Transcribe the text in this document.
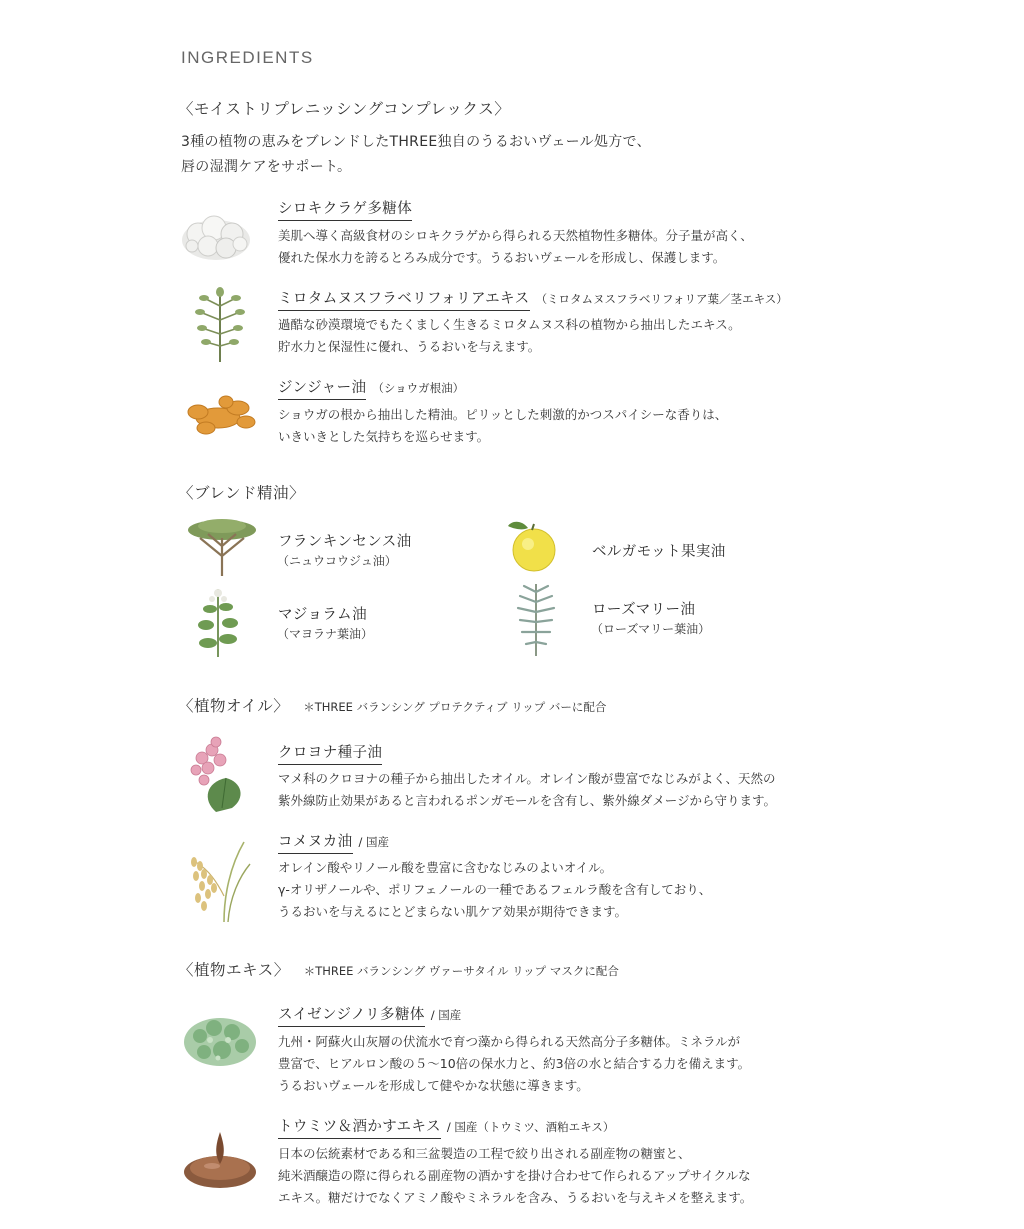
INGREDIENTS
〈モイストリプレニッシングコンプレックス〉
3種の植物の恵みをブレンドしたTHREE独自のうるおいヴェール処方で、
唇の湿潤ケアをサポート。
シロキクラゲ多糖体
美肌へ導く高級食材のシロキクラゲから得られる天然植物性多糖体。分子量が高く、
優れた保水力を誇るとろみ成分です。うるおいヴェールを形成し、保護します。
ミロタムヌスフラベリフォリアエキス （ミロタムヌスフラベリフォリア葉／茎エキス）
過酷な砂漠環境でもたくましく生きるミロタムヌス科の植物から抽出したエキス。
貯水力と保湿性に優れ、うるおいを与えます。
ジンジャー油 （ショウガ根油）
ショウガの根から抽出した精油。ピリッとした刺激的かつスパイシーな香りは、
いきいきとした気持ちを巡らせます。
〈ブレンド精油〉
フランキンセンス油
（ニュウコウジュ油）
ベルガモット果実油
マジョラム油
（マヨラナ葉油）
ローズマリー油
（ローズマリー葉油）
〈植物オイル〉 ＊THREE バランシング プロテクティブ リップ バーに配合
クロヨナ種子油
マメ科のクロヨナの種子から抽出したオイル。オレイン酸が豊富でなじみがよく、天然の
紫外線防止効果があると言われるポンガモールを含有し、紫外線ダメージから守ります。
コメヌカ油 / 国産
オレイン酸やリノール酸を豊富に含むなじみのよいオイル。
γ-オリザノールや、ポリフェノールの一種であるフェルラ酸を含有しており、
うるおいを与えるにとどまらない肌ケア効果が期待できます。
〈植物エキス〉 ＊THREE バランシング ヴァーサタイル リップ マスクに配合
スイゼンジノリ多糖体 / 国産
九州・阿蘇火山灰層の伏流水で育つ藻から得られる天然高分子多糖体。ミネラルが
豊富で、ヒアルロン酸の５〜10倍の保水力と、約3倍の水と結合する力を備えます。
うるおいヴェールを形成して健やかな状態に導きます。
トウミツ＆酒かすエキス / 国産（トウミツ、酒粕エキス）
日本の伝統素材である和三盆製造の工程で絞り出される副産物の糖蜜と、
純米酒醸造の際に得られる副産物の酒かすを掛け合わせて作られるアップサイクルな
エキス。糖だけでなくアミノ酸やミネラルを含み、うるおいを与えキメを整えます。
